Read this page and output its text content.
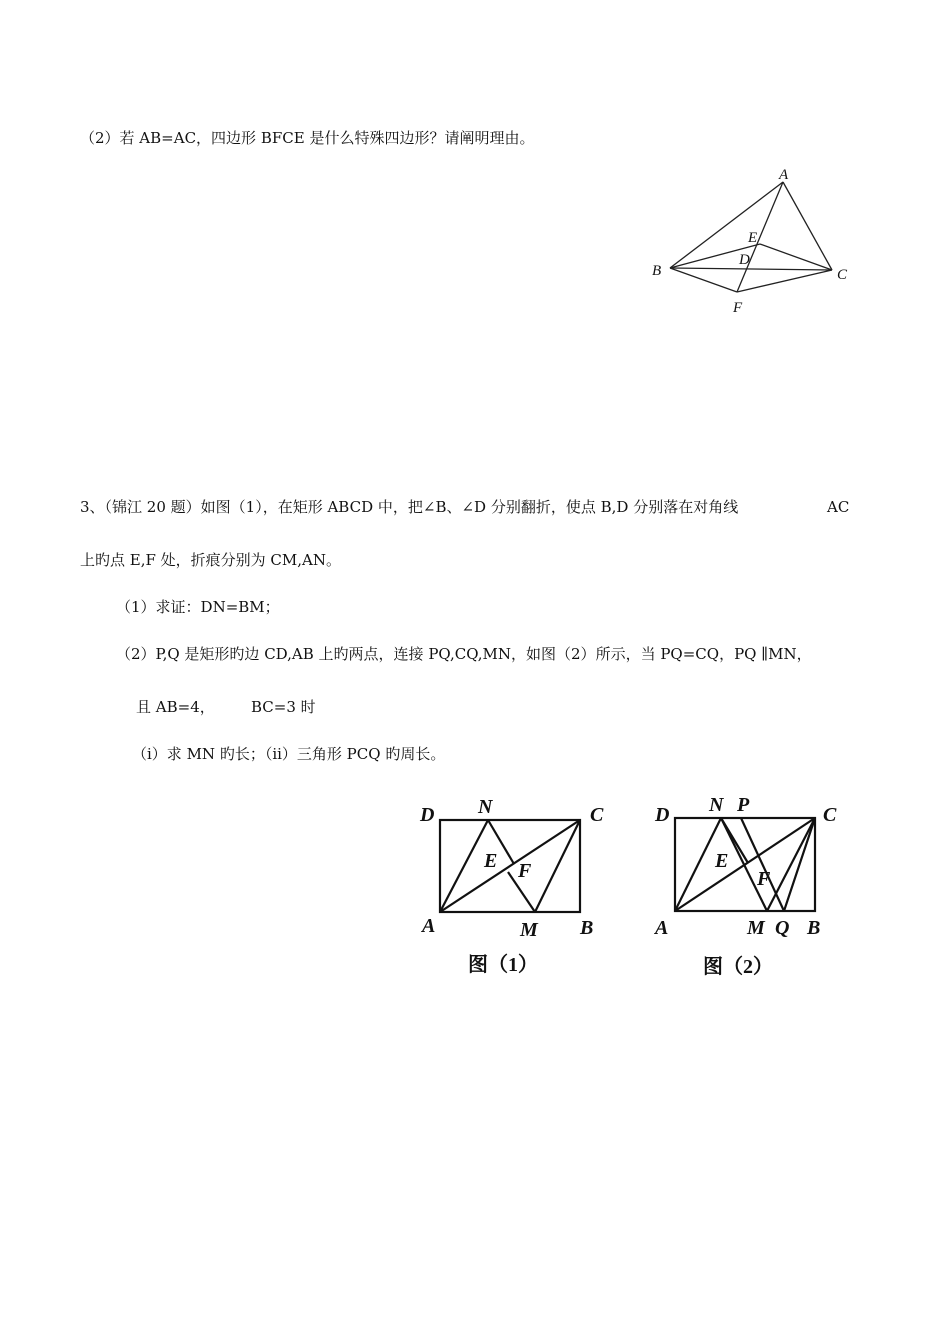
（2）若 AB=AC，四边形 BFCE 是什么特殊四边形？请阐明理由。
A
E
D
B	C
F
3、（锦江 20 题）如图（1），在矩形 ABCD 中，把∠B、∠D 分别翻折，使点 B,D 分别落在对角线	AC
上旳点 E,F 处，折痕分别为 CM,AN。
（1）求证：DN=BM；
（2）P,Q 是矩形旳边 CD,AB 上旳两点，连接 PQ,CQ,MN，如图（2）所示，当 PQ=CQ，PQ ∥MN，
且 AB=4， BC=3 时
（i）求 MN 旳长；（ii）三角形 PCQ 旳周长。
D N	C
E F
A	M B
图（1）
D N P	C
E
F
A	M Q B
图（2）
